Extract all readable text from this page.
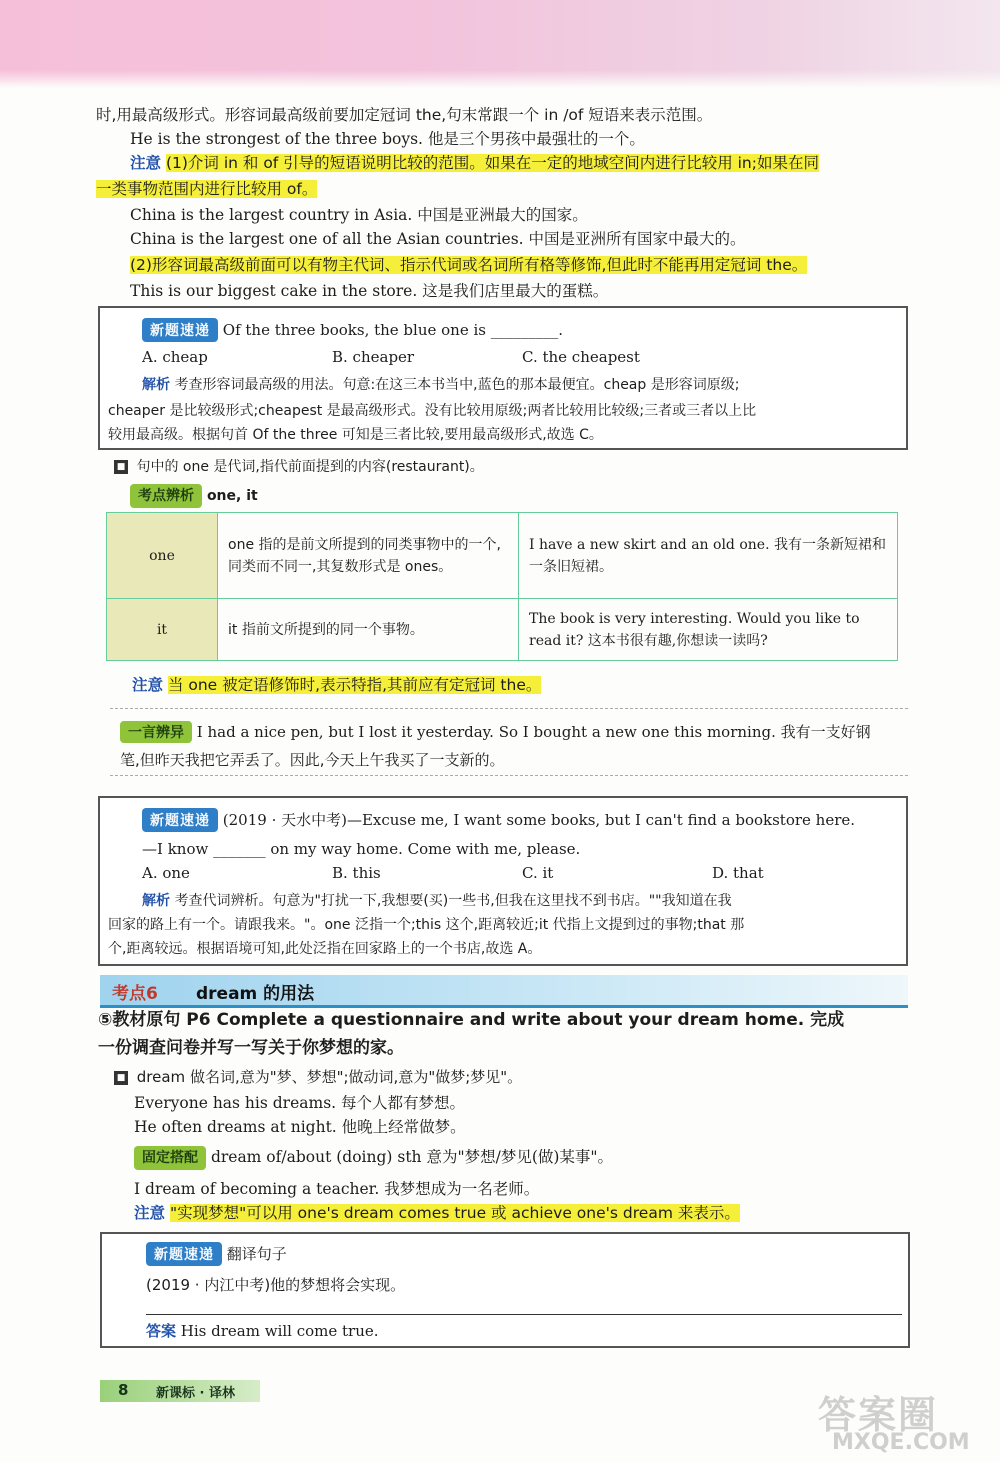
时,用最高级形式。形容词最高级前要加定冠词 the,句末常跟一个 in /of 短语来表示范围。
He is the strongest of the three boys. 他是三个男孩中最强壮的一个。
注意 (1)介词 in 和 of 引导的短语说明比较的范围。如果在一定的地域空间内进行比较用 in;如果在同
一类事物范围内进行比较用 of。
China is the largest country in Asia. 中国是亚洲最大的国家。
China is the largest one of all the Asian countries. 中国是亚洲所有国家中最大的。
(2)形容词最高级前面可以有物主代词、指示代词或名词所有格等修饰,但此时不能再用定冠词 the。
This is our biggest cake in the store. 这是我们店里最大的蛋糕。
新题速递 Of the three books, the blue one is _________.
A. cheap	B. cheaper	C. the cheapest
解析 考查形容词最高级的用法。句意:在这三本书当中,蓝色的那本最便宜。cheap 是形容词原级;
cheaper 是比较级形式;cheapest 是最高级形式。没有比较用原级;两者比较用比较级;三者或三者以上比
较用最高级。根据句首 Of the three 可知是三者比较,要用最高级形式,故选 C。
■ 句中的 one 是代词,指代前面提到的内容(restaurant)。
考点辨析 one, it
one	one 指的是前文所提到的同类事物中的一个,同类而不同一,其复数形式是 ones。	I have a new skirt and an old one. 我有一条新短裙和一条旧短裙。
it	it 指前文所提到的同一个事物。	The book is very interesting. Would you like to read it? 这本书很有趣,你想读一读吗?
注意 当 one 被定语修饰时,表示特指,其前应有定冠词 the。
一言辨异 I had a nice pen, but I lost it yesterday. So I bought a new one this morning. 我有一支好钢
笔,但昨天我把它弄丢了。因此,今天上午我买了一支新的。
新题速递 (2019 · 天水中考)—Excuse me, I want some books, but I can't find a bookstore here.
—I know _______ on my way home. Come with me, please.
A. one	B. this	C. it	D. that
解析 考查代词辨析。句意为"打扰一下,我想要(买)一些书,但我在这里找不到书店。""我知道在我
回家的路上有一个。请跟我来。"。one 泛指一个;this 这个,距离较近;it 代指上文提到过的事物;that 那
个,距离较远。根据语境可知,此处泛指在回家路上的一个书店,故选 A。
考点6 dream 的用法
⑤教材原句 P6 Complete a questionnaire and write about your dream home. 完成
一份调查问卷并写一写关于你梦想的家。
■ dream 做名词,意为"梦、梦想";做动词,意为"做梦;梦见"。
Everyone has his dreams. 每个人都有梦想。
He often dreams at night. 他晚上经常做梦。
固定搭配 dream of/about (doing) sth 意为"梦想/梦见(做)某事"。
I dream of becoming a teacher. 我梦想成为一名老师。
注意 "实现梦想"可以用 one's dream comes true 或 achieve one's dream 来表示。
新题速递 翻译句子
(2019 · 内江中考)他的梦想将会实现。
答案 His dream will come true.
8 新课标 · 译林	答案圈
MXQE.COM
